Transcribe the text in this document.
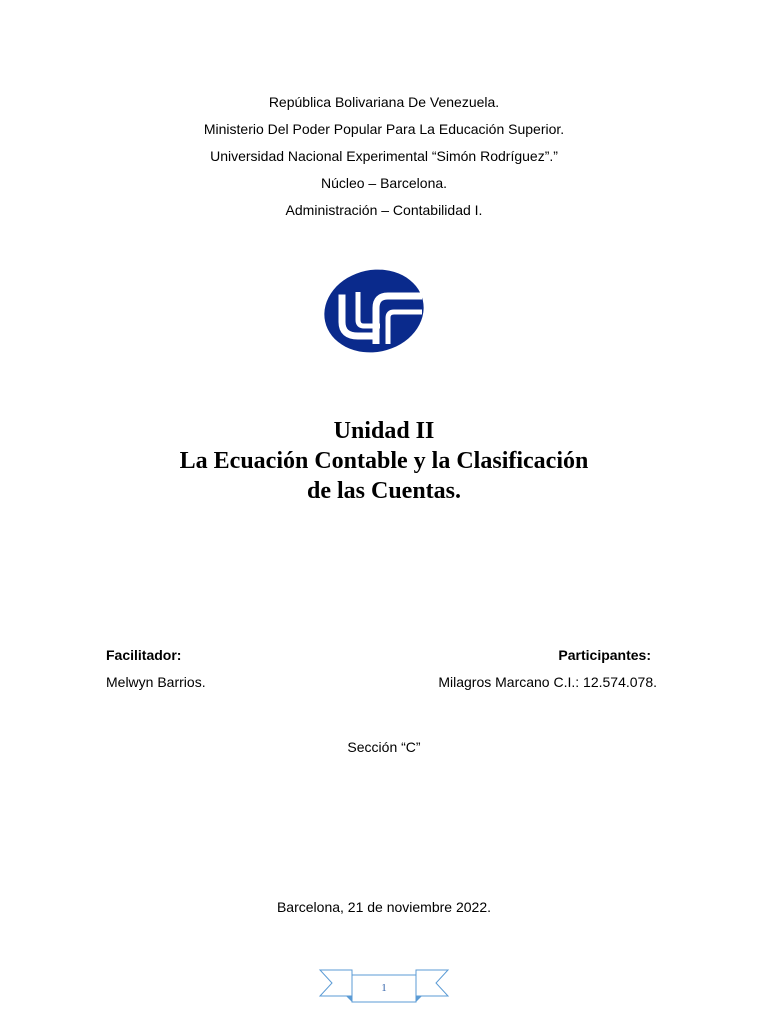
República Bolivariana De Venezuela.
Ministerio Del Poder Popular Para La Educación Superior.
Universidad Nacional Experimental “Simón Rodríguez”.”
Núcleo – Barcelona.
Administración – Contabilidad I.
Unidad II
La Ecuación Contable y la Clasificación
de las Cuentas.
Facilitador:
Melwyn Barrios.
Participantes:
Milagros Marcano C.I.: 12.574.078.
Sección “C”
Barcelona, 21 de noviembre 2022.
1
